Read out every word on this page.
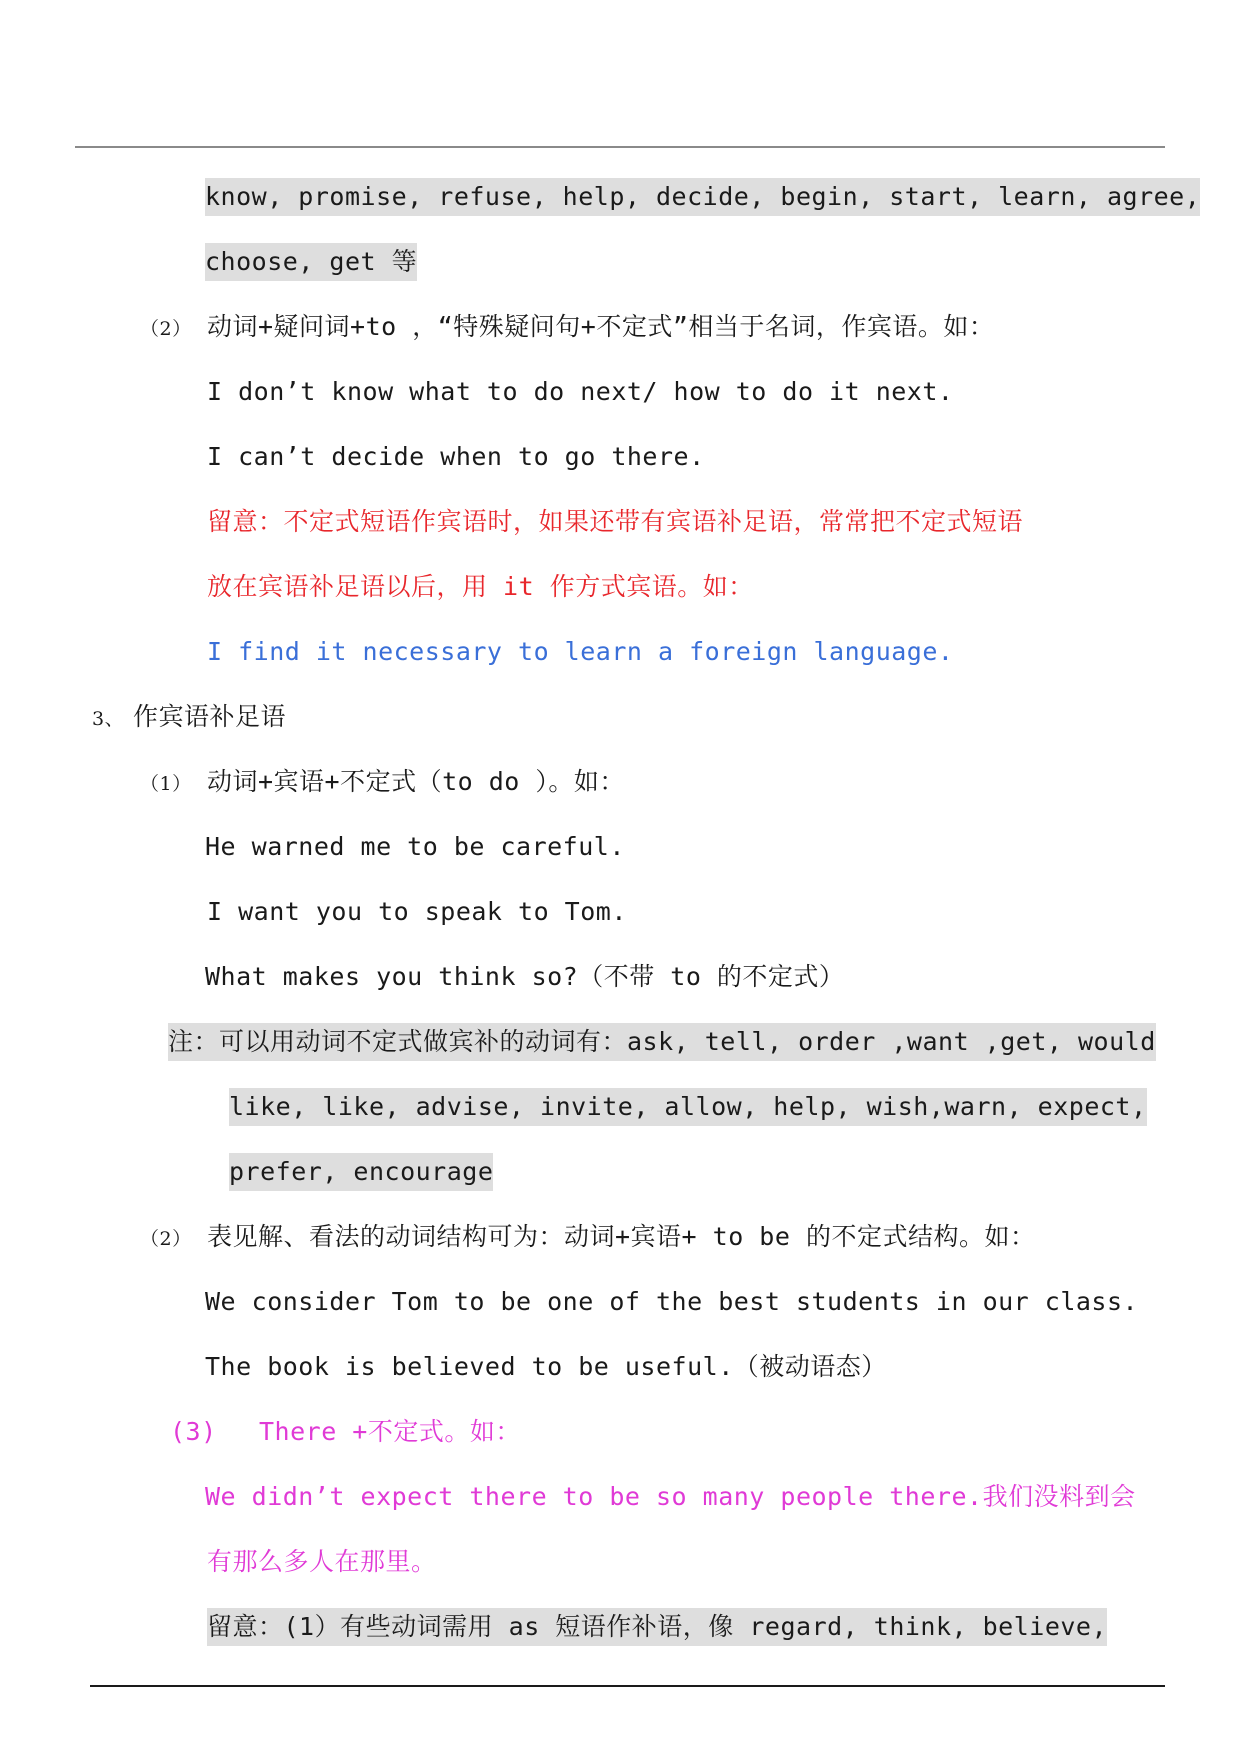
know, promise, refuse, help, decide, begin, start, learn, agree,
choose, get 等
（2） 动词+疑问词+to ，“特殊疑问句+不定式”相当于名词，作宾语。如：
I don’t know what to do next/ how to do it next.
I can’t decide when to go there.
留意：不定式短语作宾语时，如果还带有宾语补足语，常常把不定式短语
放在宾语补足语以后，用 it 作方式宾语。如：
I find it necessary to learn a foreign language.
3、 作宾语补足语
（1） 动词+宾语+不定式（to do ）。如：
He warned me to be careful.
I want you to speak to Tom.
What makes you think so?（不带 to 的不定式）
注：可以用动词不定式做宾补的动词有：ask, tell, order ,want ,get, would
like, like, advise, invite, allow, help, wish,warn, expect,
prefer, encourage
（2） 表见解、看法的动词结构可为：动词+宾语+ to be 的不定式结构。如：
We consider Tom to be one of the best students in our class.
The book is believed to be useful.（被动语态）
(3) There +不定式。如：
We didn’t expect there to be so many people there.我们没料到会
有那么多人在那里。
留意：(1）有些动词需用 as 短语作补语，像 regard, think, believe,
